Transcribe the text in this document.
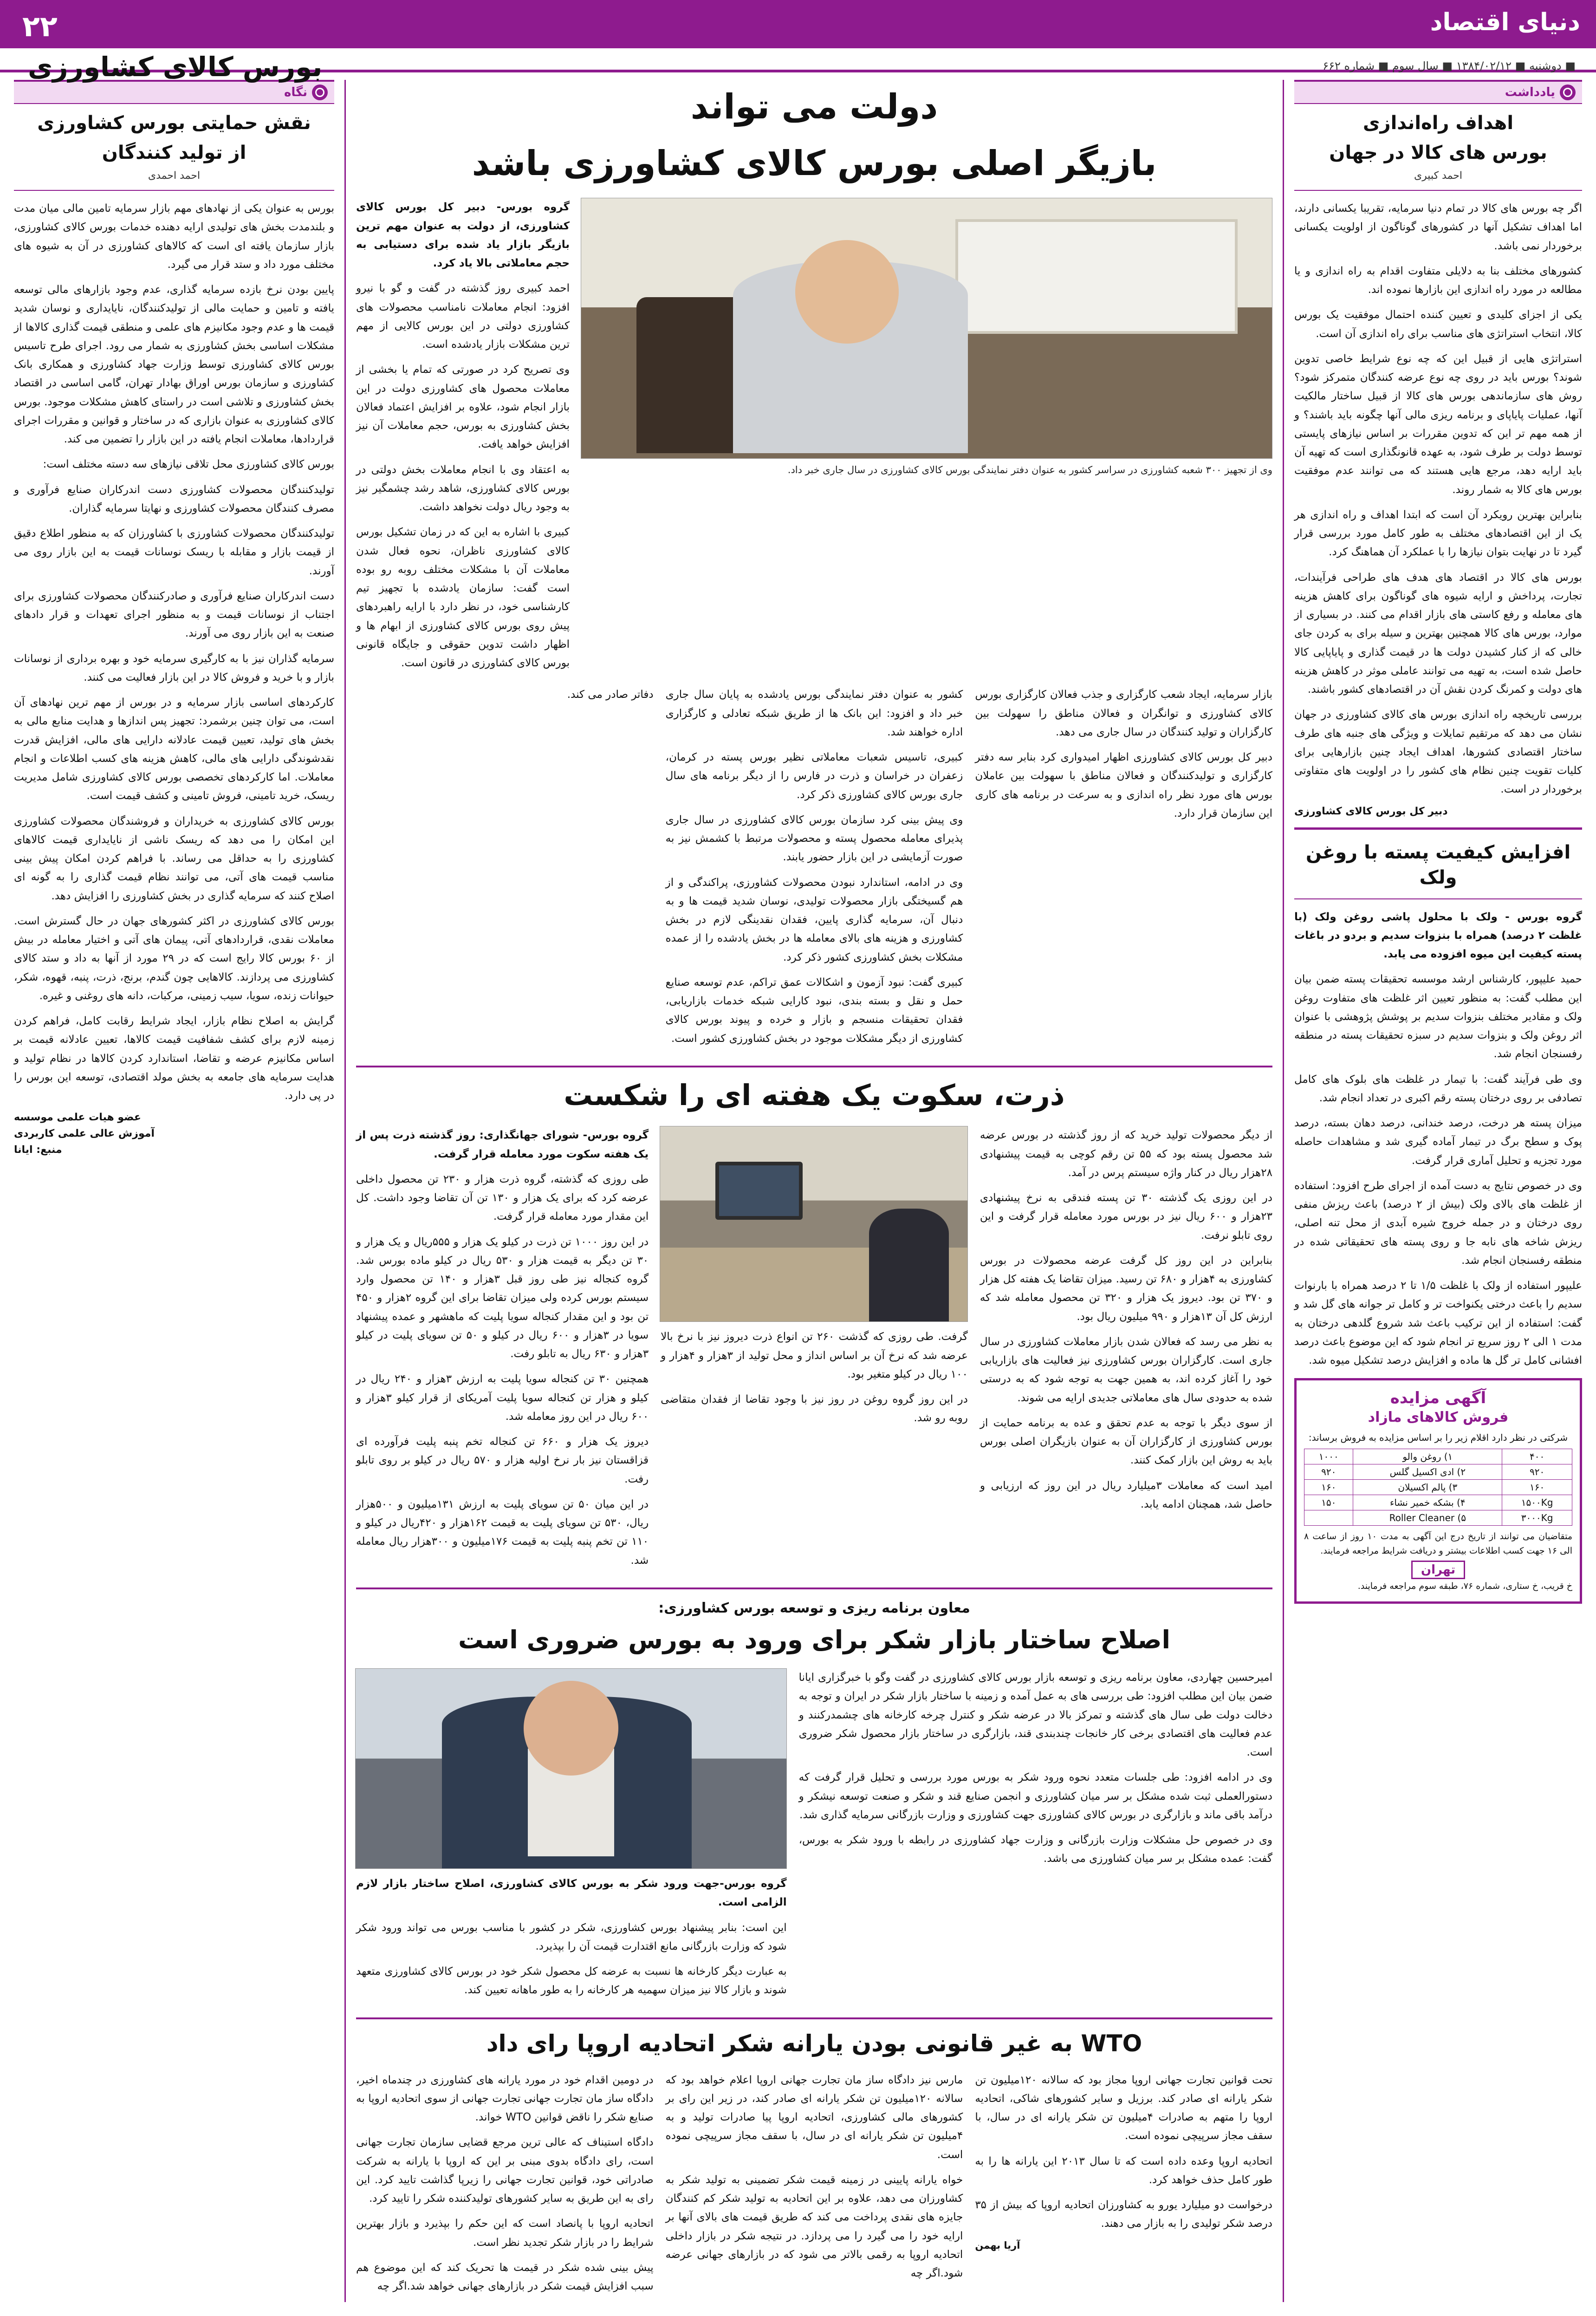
دنیای اقتصاد
۲۲
بورس کالای کشاورزی	■ دوشنبه ■ ۱۳۸۴/۰۲/۱۲ ■ سال سوم ■ شماره ۶۶۲
یادداشت
اهداف راه‌اندازی
بورس های کالا در جهان
احمد کبیری

اگر چه بورس های کالا در تمام دنیا سرمایه، تقریبا یکسانی دارند، اما اهداف تشکیل آنها در کشورهای گوناگون از اولویت یکسانی برخوردار نمی باشد.

کشورهای مختلف بنا به دلایلی متفاوت اقدام به راه اندازی و یا مطالعه در مورد راه اندازی این بازارها نموده اند.

یکی از اجزای کلیدی و تعیین کننده احتمال موفقیت یک بورس کالا، انتخاب استراتژی های مناسب برای راه اندازی آن است.

استراتژی هایی از قبیل این که چه نوع شرایط خاصی تدوین شوند؟ بورس باید در روی چه نوع عرضه کنندگان متمرکز شود؟ روش های سازماندهی بورس های کالا از قبیل ساختار مالکیت آنها، عملیات پایاپای و برنامه ریزی مالی آنها چگونه باید باشند؟ و از همه مهم تر این که تدوین مقررات بر اساس نیازهای پایستی توسط دولت بر طرف شود، به عهده قانونگذاری است که تهیه آن باید ارایه دهد، مرجع هایی هستند که می توانند عدم موفقیت بورس های کالا به شمار روند.

بنابراین بهترین رویکرد آن است که ابتدا اهداف و راه اندازی هر یک از این اقتصادهای مختلف به طور کامل مورد بررسی قرار گیرد تا در نهایت بتوان نیازها را با عملکرد آن هماهنگ کرد.

بورس های کالا در اقتصاد های هدف های طراحی فرآیندات، تجارت، پرداخش و ارایه شیوه های گوناگون برای کاهش هزینه های معامله و رفع کاستی های بازار اقدام می کنند. در بسیاری از موارد، بورس های کالا همچنین بهترین و سیله برای به کردن جای خالی که از کنار کشیدن دولت ها در قیمت گذاری و پایاپایی کالا حاصل شده است، به تهیه می توانند عاملی موثر در کاهش هزینه های دولت و کمرنگ کردن نقش آن در اقتصادهای کشور باشند.

بررسی تاریخچه راه اندازی بورس های کالای کشاورزی در جهان نشان می دهد که مرتقیم تمایلات و ویژگی های جنبه های طرف ساختار اقتصادی کشورها، اهداف ایجاد چنین بازارهایی برای کلیات تقویت چنین نظام های کشور را در اولویت های متفاوتی برخوردار در است.

دبیر کل بورس کالای کشاورزی
افزایش کیفیت پسته با روغن ولک

گروه بورس - ولک با محلول پاشی روغن ولک (با غلظت ۲ درصد) همراه با بنزوات سدیم و بردو در باغات پسته کیفیت این میوه افزوده می یابد.

حمید علیپور، کارشناس ارشد موسسه تحقیقات پسته ضمن بیان این مطلب گفت: به منظور تعیین اثر غلظت های متفاوت روغن ولک و مقادیر مختلف بنزوات سدیم بر پوشش پژوهشی با عنوان اثر روغن ولک و بنزوات سدیم در سبزه تحقیقات پسته در منطقه رفسنجان انجام شد.

وی طی فرآیند گفت: با تیمار در غلظت های بلوک های کامل تصادفی بر روی درختان پسته رقم اکبری در تعداد انجام شد.

میزان پسته هر درخت، درصد خندانی، درصد دهان بسته، درصد پوک و سطح برگ در تیمار آماده گیری شد و مشاهدات حاصله مورد تجزیه و تحلیل آماری قرار گرفت.

وی در خصوص نتایج به دست آمده از اجرای طرح افزود: استفاده از غلظت های بالای ولک (بیش از ۲ درصد) باعث ریزش منفی روی درختان و در جمله خروج شیره آبدی از محل تنه اصلی، ریزش شاخه های نابه جا و روی پسته های تحقیقاتی شده در منطقه رفسنجان انجام شد.

علیپور استفاده از ولک با غلظت ۱/۵ تا ۲ درصد همراه با بارنوات سدیم را باعث درختی یکنواخت تر و کامل تر جوانه های گل شد و گفت: استفاده از این ترکیب باعث شد شروع گلدهی درختان به مدت ۱ الی ۲ روز سریع تر انجام شود که این موضوع باعث درصد افشانی کامل تر گل ها ماده و افزایش درصد تشکیل میوه شد.

آگهی مزایده
فروش کالاهای مازاد

شرکتی در نظر دارد اقلام زیر را بر اساس مزایده به فروش برساند:

۴۰۰	۱) روغن والو	۱۰۰۰
۹۲۰	۲) ادی اکسیل گلس	۹۲۰
۱۶۰	۳) پالم اکسیلان	۱۶۰
۱۵۰۰Kg	۴) بشکه خمیر نشاء	۱۵۰
۳۰۰۰Kg	۵) Roller Cleaner	
متقاضیان می توانند از تاریخ درج این آگهی به مدت ۱۰ روز از ساعت ۸ الی ۱۶ جهت کسب اطلاعات بیشتر و دریافت شرایط مراجعه فرمایند.
تهران
خ قریب، خ ستاری، شماره ۷۶، طبقه سوم مراجعه فرمایند.
دولت می تواند
بازیگر اصلی بورس کالای کشاورزی باشد
وی از تجهیز ۳۰۰ شعبه کشاورزی در سراسر کشور به عنوان دفتر نمایندگی بورس کالای کشاورزی در سال جاری خبر داد.

گروه بورس- دبیر کل بورس کالای کشاورزی، از دولت به عنوان مهم ترین بازیگر بازار یاد شده برای دستیابی به حجم معاملاتی بالا یاد کرد.

احمد کبیری روز گذشته در گفت و گو با نیرو افزود: انجام معاملات نامناسب محصولات های کشاورزی دولتی در این بورس کالایی از مهم ترین مشکلات بازار یادشده است.

وی تصریح کرد در صورتی که تمام یا بخشی از معاملات محصول های کشاورزی دولت در این بازار انجام شود، علاوه بر افزایش اعتماد فعالان بخش کشاورزی به بورس، حجم معاملات آن نیز افزایش خواهد یافت.

به اعتقاد وی با انجام معاملات بخش دولتی در بورس کالای کشاورزی، شاهد رشد چشمگیر نیز به وجود ریال دولت نخواهد داشت.

کبیری با اشاره به این که در زمان تشکیل بورس کالای کشاورزی ناظران، نحوه فعال شدن معاملات آن با مشکلات مختلف روبه رو بوده است گفت: سازمان یادشده با تجهیز تیم کارشناسی خود، در نظر دارد با ارایه راهبردهای پیش روی بورس کالای کشاورزی از ابهام ها و اظهار داشت تدوین حقوقی و جایگاه قانونی بورس کالای کشاورزی در قانون است.

بازار سرمایه، ایجاد شعب کارگزاری و جذب فعالان کارگزاری بورس کالای کشاورزی و توانگران و فعالان مناطق را سهولت بین کارگزاران و تولید کنندگان در سال جاری می دهد.

دبیر کل بورس کالای کشاورزی اظهار امیدواری کرد بنابر سه دفتر کارگزاری و تولیدکنندگان و فعالان مناطق با سهولت بین عاملان بورس های مورد نظر راه اندازی و به سرعت در برنامه های کاری این سازمان قرار دارد.

کشور به عنوان دفتر نمایندگی بورس یادشده به پایان سال جاری خبر داد و افزود: این بانک ها از طریق شبکه تعادلی و کارگزاری اداره خواهند شد.

کبیری، تاسیس شعبات معاملاتی نظیر بورس پسته در کرمان، زعفران در خراسان و ذرت در فارس را از دیگر برنامه های سال جاری بورس کالای کشاورزی ذکر کرد.

وی پیش بینی کرد سازمان بورس کالای کشاورزی در سال جاری پذیرای معامله محصول پسته و محصولات مرتبط با کشمش نیز به صورت آزمایشی در این بازار حضور یابند.

وی در ادامه، استاندارد نبودن محصولات کشاورزی، پراکندگی و از هم گسیختگی بازار محصولات تولیدی، نوسان شدید قیمت ها و به دنبال آن، سرمایه گذاری پایین، فقدان نقدینگی لازم در بخش کشاورزی و هزینه های بالای معامله ها در بخش یادشده را از عمده مشکلات بخش کشاورزی کشور ذکر کرد.

کبیری گفت: نبود آزمون و اشکالات عمق تراکم، عدم توسعه صنایع حمل و نقل و بسته بندی، نبود کارایی شبکه خدمات بازاریابی، فقدان تحقیقات منسجم و بازار و خرده و پیوند بورس کالای کشاورزی از دیگر مشکلات موجود در بخش کشاورزی کشور است.

دفاتر صادر می کند.

ذرت، سکوت یک هفته ای را شکست

از دیگر محصولات تولید خرید که از روز گذشته در بورس عرضه شد محصول پسته بود که ۵۵ تن رقم کوچی به قیمت پیشنهادی ۲۸هزار ریال در کنار واژه سیستم پرس در آمد.

در این روزی یک گذشته ۳۰ تن پسته فندقی به نرخ پیشنهادی ۲۳هزار و ۶۰۰ ریال نیز در بورس مورد معامله قرار گرفت و این روی تابلو نرفت.

بنابراین در این روز کل گرفت عرضه محصولات در بورس کشاورزی به ۴هزار و ۶۸۰ تن رسید. میزان تقاضا یک هفته کل هزار و ۳۷۰ تن بود. دیروز یک هزار و ۳۲۰ تن محصول معامله شد که ارزش کل آن ۱۳هزار و ۹۹۰ میلیون ریال بود.

به نظر می رسد که فعالان شدن بازار معاملات کشاورزی در سال جاری است. کارگزاران بورس کشاورزی نیز فعالیت های بازاریابی خود را آغاز کرده اند، به همین جهت به توجه شود که به درستی شده به حدودی سال های معاملاتی جدیدی ارایه می شوند.

از سوی دیگر با توجه به عدم تحقق و عده به برنامه حمایت از بورس کشاورزی از کارگزاران آن به عنوان بازیگران اصلی بورس باید به روش این بازار کمک کنند.

امید است که معاملات ۳میلیارد ریال در این روز که ارزیابی و حاصل شد، همچنان ادامه یابد.

گرفت. طی روزی که گذشت ۲۶۰ تن انواع ذرت دیروز نیز با نرخ بالا عرضه شد که نرخ آن بر اساس انداز و محل تولید از ۳هزار و ۴هزار و ۱۰۰ ریال در کیلو متغیر بود.

در این روز گروه روغن در روز نیز با وجود تقاضا از فقدان متقاضی روبه رو شد.

گروه بورس- شورای جهانگذاری: روز گذشته ذرت پس از یک هفته سکوت مورد معامله قرار گرفت.

طی روزی که گذشته، گروه ذرت هزار و ۲۳۰ تن محصول داخلی عرضه کرد که برای یک هزار و ۱۳۰ تن آن تقاضا وجود داشت. کل این مقدار مورد معامله قرار گرفت.

در این روز ۱۰۰۰ تن ذرت در کیلو یک هزار و ۵۵۵ریال و یک هزار و ۳۰ تن دیگر به قیمت هزار و ۵۳۰ ریال در کیلو ماده بورس شد. گروه کنجاله نیز طی روز قبل ۳هزار و ۱۴۰ تن محصول وارد سیستم بورس کرده ولی میزان تقاضا برای این گروه ۲هزار و ۴۵۰ تن بود و این مقدار کنجاله سویا پلیت که ماهشهر و عمده پیشنهاد سویا در ۳هزار و ۶۰۰ ریال در کیلو و ۵۰ تن سویای پلیت در کیلو ۳هزار و ۶۳۰ ریال به تابلو رفت.

همچنین ۳۰ تن کنجاله سویا پلیت به ارزش ۳هزار و ۲۴۰ ریال در کیلو و هزار تن کنجاله سویا پلیت آمریکای از قرار کیلو ۳هزار و ۶۰۰ ریال در این روز معامله شد.

دیروز یک هزار و ۶۶۰ تن کنجاله تخم پنبه پلیت فرآورده ای قزاقستان نیز بار نرخ اولیه هزار و ۵۷۰ ریال در کیلو بر روی تابلو رفت.

در این میان ۵۰ تن سویای پلیت به ارزش ۱۳۱میلیون و ۵۰۰هزار ریال، ۵۳۰ تن سویای پلیت به قیمت ۱۶۲هزار و ۴۲۰ریال در کیلو و ۱۱۰ تن تخم پنبه پلیت به قیمت ۱۷۶میلیون و ۳۰۰هزار ریال معامله شد.

معاون برنامه ریزی و توسعه بورس کشاورزی:
اصلاح ساختار بازار شکر برای ورود به بورس ضروری است

امیرحسین چهاردی، معاون برنامه ریزی و توسعه بازار بورس کالای کشاورزی در گفت وگو با خبرگزاری ایانا ضمن بیان این مطلب افزود: طی بررسی های به عمل آمده و زمینه با ساختار بازار شکر در ایران و توجه به دخالت دولت طی سال های گذشته و تمرکز بالا در عرضه شکر و کنترل چرخه کارخانه های چشمدرکنند و عدم فعالیت های اقتصادی برخی کار خانجات چندبندی قند، بازارگری در ساختار بازار محصول شکر ضروری است.

وی در ادامه افزود: طی جلسات متعدد نحوه ورود شکر به بورس مورد بررسی و تحلیل قرار گرفت که دستورالعملی ثبت شده مشکل بر سر میان کشاورزی و انجمن صنایع قند و شکر و صنعت توسعه نیشکر و درآمد باقی ماند و بازارگری در بورس کالای کشاورزی جهت کشاورزی و وزارت بازرگانی سرمایه گذاری شد.

وی در خصوص حل مشکلات وزارت بازرگانی و وزارت جهاد کشاورزی در رابطه با ورود شکر به بورس، گفت: عمده مشکل بر سر میان کشاورزی می باشد.

گروه بورس-جهت ورود شکر به بورس کالای کشاورزی، اصلاح ساختار بازار لازم الزامی است.

این است: بنابر پیشنهاد بورس کشاورزی، شکر در کشور با مناسب بورس می تواند ورود شکر شود که وزارت بازرگانی مانع اقتدارت قیمت آن را بپذیرد.

به عبارت دیگر کارخانه ها نسبت به عرضه کل محصول شکر خود در بورس کالای کشاورزی متعهد شوند و بازار کالا نیز میزان سهمیه هر کارخانه را به طور ماهانه تعیین کند.

WTO به غیر قانونی بودن یارانه شکر اتحادیه اروپا رای داد

تحت قوانین تجارت جهانی اروپا مجاز بود که سالانه ۱۲۰میلیون تن شکر یارانه ای صادر کند. برزیل و سایر کشورهای شاکی، اتحادیه اروپا را متهم به صادرات ۴میلیون تن شکر یارانه ای در سال، با سقف مجاز سرپیچی نموده است.

اتحادیه اروپا وعده داده است که تا سال ۲۰۱۳ این یارانه ها را به طور کامل حذف خواهد کرد.

درخواست دو میلیارد یورو به کشاورزان اتحادیه اروپا که بیش از ۳۵ درصد شکر تولیدی را به بازار می دهند.

آریا بهمن

مارس نیز دادگاه ساز مان تجارت جهانی اروپا اعلام خواهد بود که سالانه ۱۲۰میلیون تن شکر یارانه ای صادر کند، در زیر این رای بر کشورهای مالی کشاورزی، اتحادیه اروپا پیا صادرات تولید و به ۴میلیون تن شکر یارانه ای در سال، با سقف مجاز سرپیچی نموده است.

خواه یارانه پایینی در زمینه قیمت شکر تضمینی به تولید شکر به کشاورزان می دهد، علاوه بر این اتحادیه به تولید شکر کم کنندگان جایزه های نقدی پرداخت می کند که طریق قیمت های بالای آنها بر ارایه خود را می گیرد را می پردازد. در نتیجه شکر در بازار داخلی اتحادیه اروپا به رقمی بالاتر می شود که در بازارهای جهانی عرضه شود.اگر چه

در دومین اقدام خود در مورد یارانه های کشاورزی در چندماه اخیر، دادگاه ساز مان تجارت جهانی تجارت جهانی از سوی اتحادیه اروپا به صنایع شکر را ناقض قوانین WTO خواند.

دادگاه استیناف که عالی ترین مرجع قضایی سازمان تجارت جهانی است، رای دادگاه بدوی مبنی بر این که اروپا با یارانه به شرکت صادراتی خود، قوانین تجارت جهانی را زیرپا گذاشت تایید کرد. این رای به این طریق به سایر کشورهای تولیدکننده شکر را تایید کرد.

اتحادیه اروپا با پانصاد است که این حکم را بپذیرد و بازار بهترین شرایط را در بازار شکر تجدید نظر است.

پیش بینی شده شکر در قیمت ها تحریک کند که این موضوع هم سبب افزایش قیمت شکر در بازارهای جهانی خواهد شد.اگر چه

نگاه
نقش حمایتی بورس کشاورزی
از تولید کنندگان
احمد احمدی

بورس به عنوان یکی از نهادهای مهم بازار سرمایه تامین مالی میان مدت و بلندمدت بخش های تولیدی ارایه دهنده خدمات بورس کالای کشاورزی، بازار سازمان یافته ای است که کالاهای کشاورزی در آن به شیوه های مختلف مورد داد و ستد قرار می گیرد.

پایین بودن نرخ بازده سرمایه گذاری، عدم وجود بازارهای مالی توسعه یافته و تامین و حمایت مالی از تولیدکنندگان، نایایداری و نوسان شدید قیمت ها و عدم وجود مکانیزم های علمی و منطقی قیمت گذاری کالاها از مشکلات اساسی بخش کشاورزی به شمار می رود. اجرای طرح تاسیس بورس کالای کشاورزی توسط وزارت جهاد کشاورزی و همکاری بانک کشاورزی و سازمان بورس اوراق بهادار تهران، گامی اساسی در اقتصاد بخش کشاورزی و تلاشی است در راستای کاهش مشکلات موجود. بورس کالای کشاورزی به عنوان بازاری که در ساختار و قوانین و مقررات اجرای قراردادها، معاملات انجام یافته در این بازار را تضمین می کند.

بورس کالای کشاورزی محل تلاقی نیازهای سه دسته مختلف است:

تولیدکنندگان محصولات کشاورزی دست اندرکاران صنایع فرآوری و مصرف کنندگان محصولات کشاورزی و نهایتا سرمایه گذاران.

تولیدکنندگان محصولات کشاورزی با کشاورزان که به منظور اطلاع دقیق از قیمت بازار و مقابله با ریسک نوسانات قیمت به این بازار روی می آورند.

دست اندرکاران صنایع فرآوری و صادرکنندگان محصولات کشاورزی برای اجتناب از نوسانات قیمت و به منظور اجرای تعهدات و قرار دادهای صنعت به این بازار روی می آورند.

سرمایه گذاران نیز با به کارگیری سرمایه خود و بهره برداری از نوسانات بازار و با خرید و فروش کالا در این بازار فعالیت می کنند.

کارکردهای اساسی بازار سرمایه و در بورس از مهم ترین نهادهای آن است، می توان چنین برشمرد: تجهیز پس اندازها و هدایت منابع مالی به بخش های تولید، تعیین قیمت عادلانه دارایی های مالی، افزایش قدرت نقدشوندگی دارایی های مالی، کاهش هزینه های کسب اطلاعات و انجام معاملات. اما کارکردهای تخصصی بورس کالای کشاورزی شامل مدیریت ریسک، خرید تامینی، فروش تامینی و کشف قیمت است.

بورس کالای کشاورزی به خریداران و فروشندگان محصولات کشاورزی این امکان را می دهد که ریسک ناشی از نایایداری قیمت کالاهای کشاورزی را به حداقل می رساند. با فراهم کردن امکان پیش بینی مناسب قیمت های آتی، می توانند نظام قیمت گذاری را به گونه ای اصلاح کنند که سرمایه گذاری در بخش کشاورزی را افزایش دهد.

بورس کالای کشاورزی در اکثر کشورهای جهان در حال گسترش است. معاملات نقدی، قراردادهای آتی، پیمان های آتی و اختیار معامله در بیش از ۶۰ بورس کالا رایج است که در ۲۹ مورد از آنها به داد و ستد کالای کشاورزی می پردازند. کالاهایی چون گندم، برنج، ذرت، پنبه، قهوه، شکر، حیوانات زنده، سویا، سیب زمینی، مرکبات، دانه های روغنی و غیره.

گرایش به اصلاح نظام بازار، ایجاد شرایط رقابت کامل، فراهم کردن زمینه لازم برای کشف شفافیت قیمت کالاها، تعیین عادلانه قیمت بر اساس مکانیزم عرضه و تقاضا، استاندارد کردن کالاها در نظام تولید و هدایت سرمایه های جامعه به بخش مولد اقتصادی، توسعه این بورس را در پی دارد.

عضو هیات علمی موسسه
آموزش عالی علمی کاربردی
منبع: ایانا
